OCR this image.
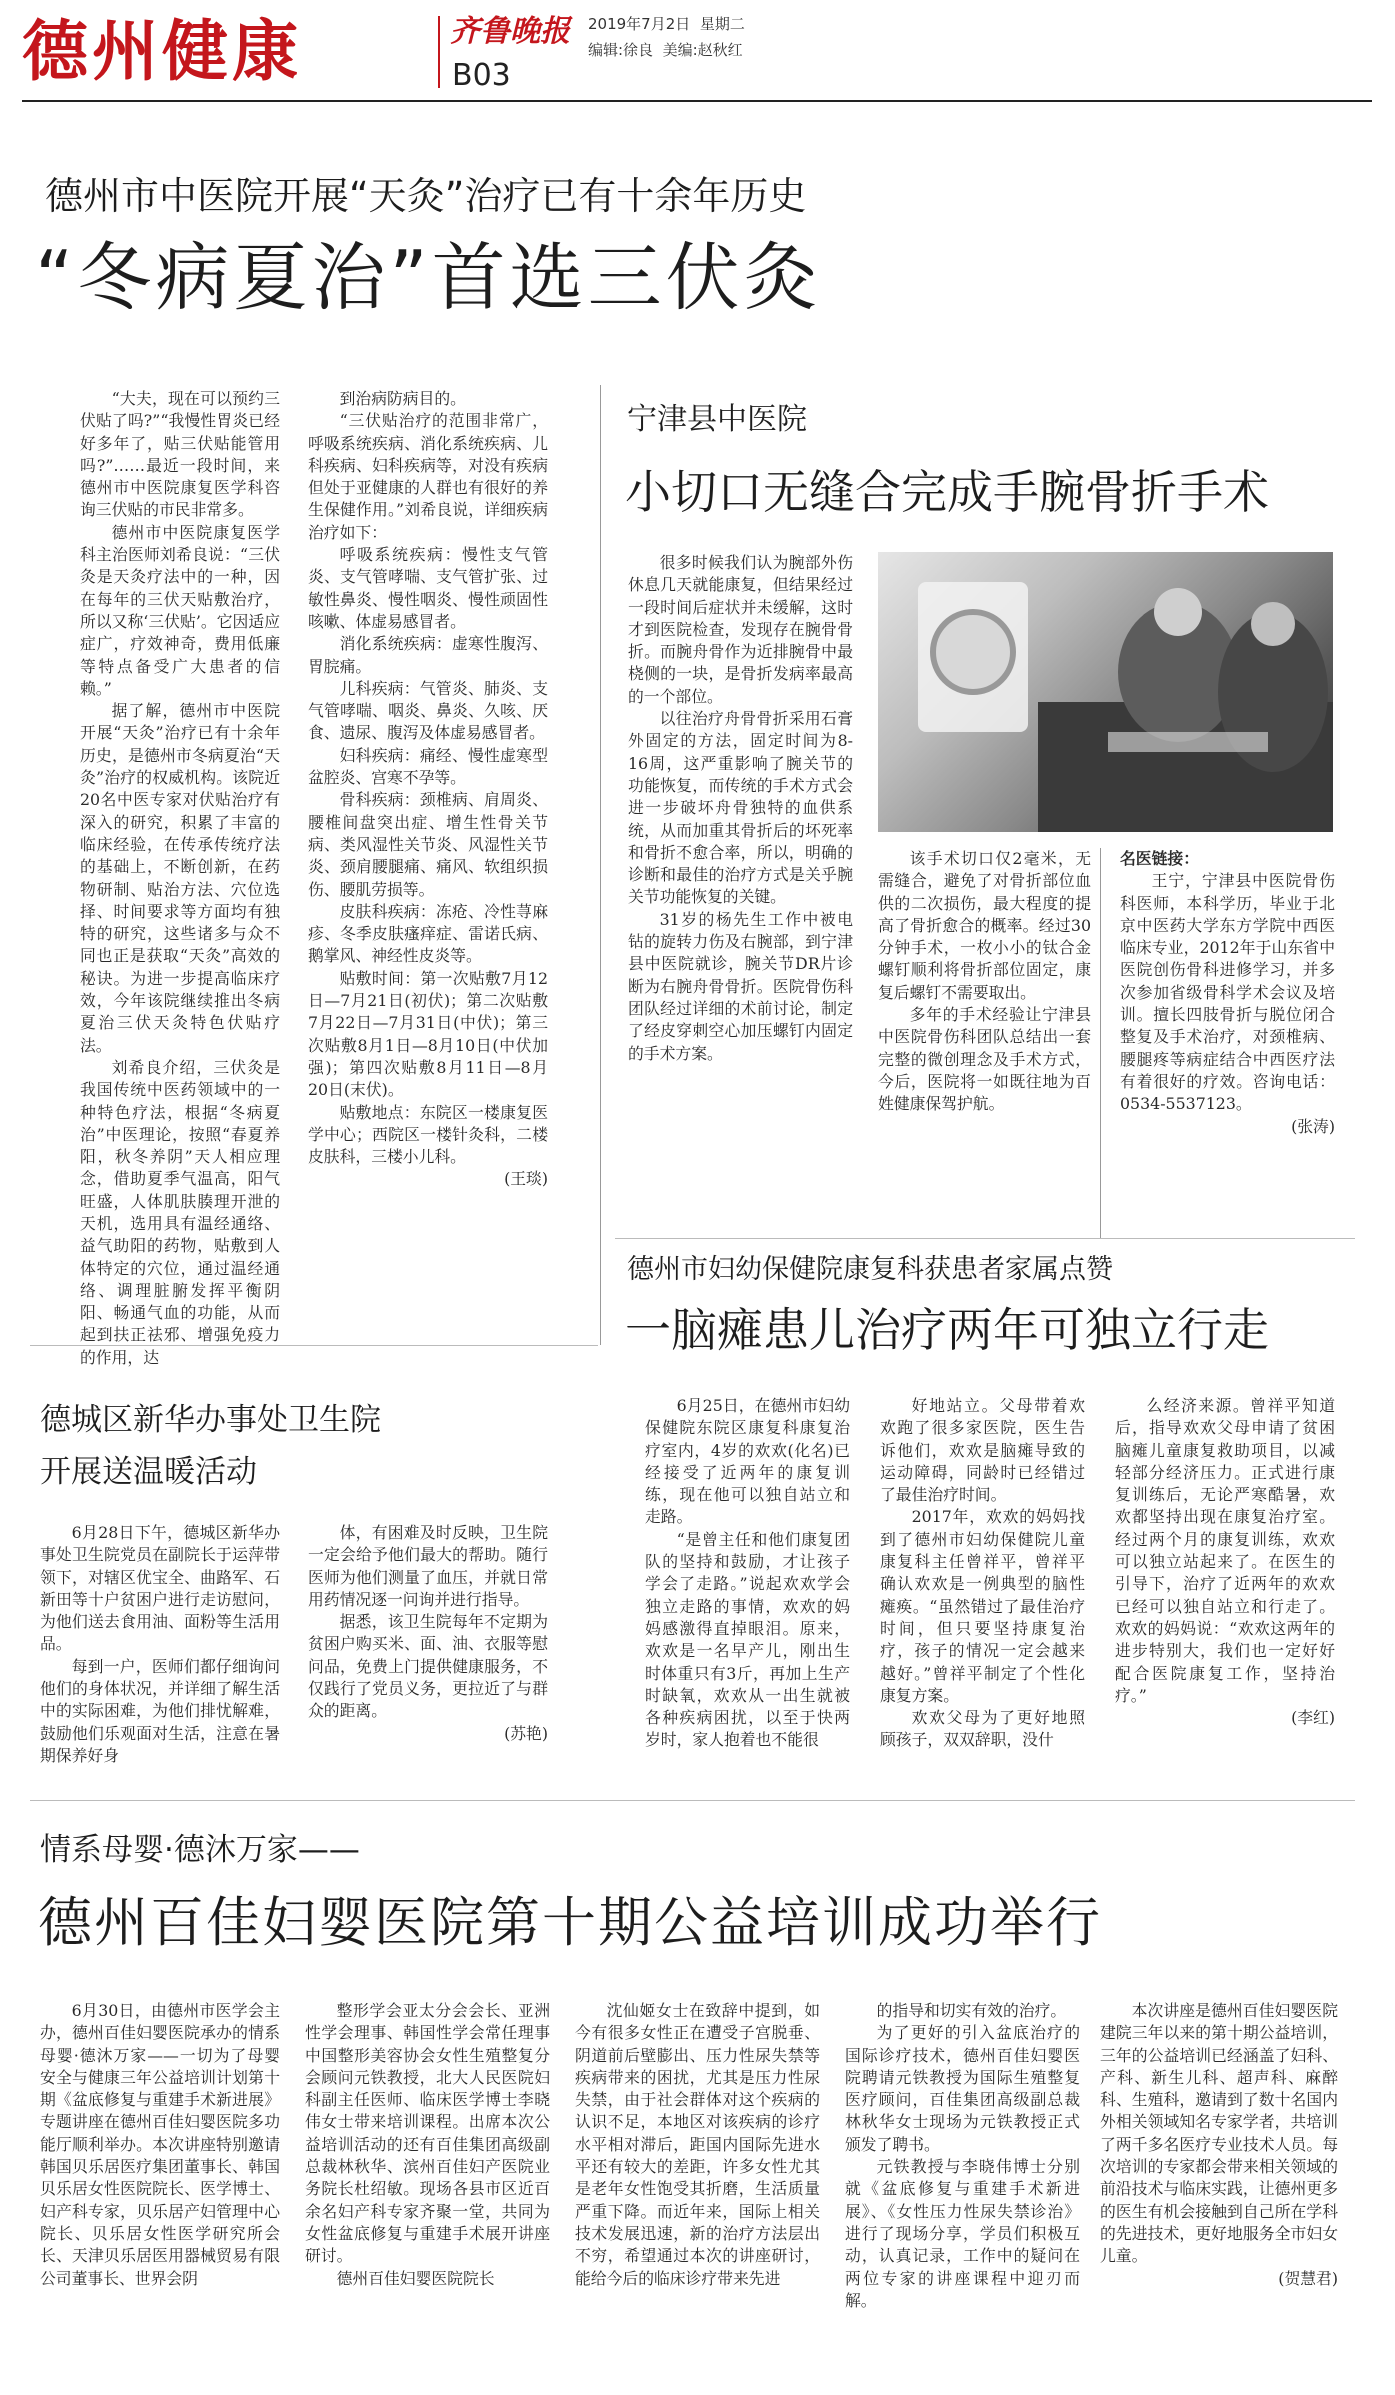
德州健康	齐鲁晚报
B03
2019年7月2日 星期二
编辑:徐良 美编:赵秋红
德州市中医院开展“天灸”治疗已有十余年历史
“冬病夏治”首选三伏灸

“大夫，现在可以预约三伏贴了吗?”“我慢性胃炎已经好多年了，贴三伏贴能管用吗?”……最近一段时间，来德州市中医院康复医学科咨询三伏贴的市民非常多。

德州市中医院康复医学科主治医师刘希良说：“三伏灸是天灸疗法中的一种，因在每年的三伏天贴敷治疗，所以又称‘三伏贴’。它因适应症广，疗效神奇，费用低廉等特点备受广大患者的信赖。”

据了解，德州市中医院开展“天灸”治疗已有十余年历史，是德州市冬病夏治“天灸”治疗的权威机构。该院近20名中医专家对伏贴治疗有深入的研究，积累了丰富的临床经验，在传承传统疗法的基础上，不断创新，在药物研制、贴治方法、穴位选择、时间要求等方面均有独特的研究，这些诸多与众不同也正是获取“天灸”高效的秘诀。为进一步提高临床疗效，今年该院继续推出冬病夏治三伏天灸特色伏贴疗法。

刘希良介绍，三伏灸是我国传统中医药领域中的一种特色疗法，根据“冬病夏治”中医理论，按照“春夏养阳，秋冬养阴”天人相应理念，借助夏季气温高，阳气旺盛，人体肌肤腠理开泄的天机，选用具有温经通络、益气助阳的药物，贴敷到人体特定的穴位，通过温经通络、调理脏腑发挥平衡阴阳、畅通气血的功能，从而起到扶正祛邪、增强免疫力的作用，达

到治病防病目的。

“三伏贴治疗的范围非常广，呼吸系统疾病、消化系统疾病、儿科疾病、妇科疾病等，对没有疾病但处于亚健康的人群也有很好的养生保健作用。”刘希良说，详细疾病治疗如下：

呼吸系统疾病：慢性支气管炎、支气管哮喘、支气管扩张、过敏性鼻炎、慢性咽炎、慢性顽固性咳嗽、体虚易感冒者。

消化系统疾病：虚寒性腹泻、胃脘痛。

儿科疾病：气管炎、肺炎、支气管哮喘、咽炎、鼻炎、久咳、厌食、遗尿、腹泻及体虚易感冒者。

妇科疾病：痛经、慢性虚寒型盆腔炎、宫寒不孕等。

骨科疾病：颈椎病、肩周炎、腰椎间盘突出症、增生性骨关节病、类风湿性关节炎、风湿性关节炎、颈肩腰腿痛、痛风、软组织损伤、腰肌劳损等。

皮肤科疾病：冻疮、冷性荨麻疹、冬季皮肤瘙痒症、雷诺氏病、鹅掌风、神经性皮炎等。

贴敷时间：第一次贴敷7月12日—7月21日(初伏)；第二次贴敷7月22日—7月31日(中伏)；第三次贴敷8月1日—8月10日(中伏加强)；第四次贴敷8月11日—8月20日(末伏)。

贴敷地点：东院区一楼康复医学中心；西院区一楼针灸科，二楼皮肤科，三楼小儿科。

(王琰)
宁津县中医院
小切口无缝合完成手腕骨折手术

很多时候我们认为腕部外伤休息几天就能康复，但结果经过一段时间后症状并未缓解，这时才到医院检查，发现存在腕骨骨折。而腕舟骨作为近排腕骨中最桡侧的一块，是骨折发病率最高的一个部位。

以往治疗舟骨骨折采用石膏外固定的方法，固定时间为8-16周，这严重影响了腕关节的功能恢复，而传统的手术方式会进一步破坏舟骨独特的血供系统，从而加重其骨折后的坏死率和骨折不愈合率，所以，明确的诊断和最佳的治疗方式是关乎腕关节功能恢复的关键。

31岁的杨先生工作中被电钻的旋转力伤及右腕部，到宁津县中医院就诊，腕关节DR片诊断为右腕舟骨骨折。医院骨伤科团队经过详细的术前讨论，制定了经皮穿刺空心加压螺钉内固定的手术方案。

该手术切口仅2毫米，无需缝合，避免了对骨折部位血供的二次损伤，最大程度的提高了骨折愈合的概率。经过30分钟手术，一枚小小的钛合金螺钉顺利将骨折部位固定，康复后螺钉不需要取出。

多年的手术经验让宁津县中医院骨伤科团队总结出一套完整的微创理念及手术方式，今后，医院将一如既往地为百姓健康保驾护航。

名医链接：

王宁，宁津县中医院骨伤科医师，本科学历，毕业于北京中医药大学东方学院中西医临床专业，2012年于山东省中医院创伤骨科进修学习，并多次参加省级骨科学术会议及培训。擅长四肢骨折与脱位闭合整复及手术治疗，对颈椎病、腰腿疼等病症结合中西医疗法有着很好的疗效。咨询电话：0534-5537123。

(张涛)
德州市妇幼保健院康复科获患者家属点赞
一脑瘫患儿治疗两年可独立行走

6月25日，在德州市妇幼保健院东院区康复科康复治疗室内，4岁的欢欢(化名)已经接受了近两年的康复训练，现在他可以独自站立和走路。

“是曾主任和他们康复团队的坚持和鼓励，才让孩子学会了走路。”说起欢欢学会独立走路的事情，欢欢的妈妈感激得直掉眼泪。原来，欢欢是一名早产儿，刚出生时体重只有3斤，再加上生产时缺氧，欢欢从一出生就被各种疾病困扰，以至于快两岁时，家人抱着也不能很

好地站立。父母带着欢欢跑了很多家医院，医生告诉他们，欢欢是脑瘫导致的运动障碍，同龄时已经错过了最佳治疗时间。

2017年，欢欢的妈妈找到了德州市妇幼保健院儿童康复科主任曾祥平，曾祥平确认欢欢是一例典型的脑性瘫痪。“虽然错过了最佳治疗时间，但只要坚持康复治疗，孩子的情况一定会越来越好。”曾祥平制定了个性化康复方案。

欢欢父母为了更好地照顾孩子，双双辞职，没什

么经济来源。曾祥平知道后，指导欢欢父母申请了贫困脑瘫儿童康复救助项目，以减轻部分经济压力。正式进行康复训练后，无论严寒酷暑，欢欢都坚持出现在康复治疗室。经过两个月的康复训练，欢欢可以独立站起来了。在医生的引导下，治疗了近两年的欢欢已经可以独自站立和行走了。欢欢的妈妈说：“欢欢这两年的进步特别大，我们也一定好好配合医院康复工作，坚持治疗。”

(李红)
德城区新华办事处卫生院
开展送温暖活动

6月28日下午，德城区新华办事处卫生院党员在副院长于运萍带领下，对辖区优宝全、曲路军、石新田等十户贫困户进行走访慰问，为他们送去食用油、面粉等生活用品。

每到一户，医师们都仔细询问他们的身体状况，并详细了解生活中的实际困难，为他们排忧解难，鼓励他们乐观面对生活，注意在暑期保养好身

体，有困难及时反映，卫生院一定会给予他们最大的帮助。随行医师为他们测量了血压，并就日常用药情况逐一问询并进行指导。

据悉，该卫生院每年不定期为贫困户购买米、面、油、衣服等慰问品，免费上门提供健康服务，不仅践行了党员义务，更拉近了与群众的距离。

(苏艳)
情系母婴·德沐万家——
德州百佳妇婴医院第十期公益培训成功举行

6月30日，由德州市医学会主办，德州百佳妇婴医院承办的情系母婴·德沐万家——一切为了母婴安全与健康三年公益培训计划第十期《盆底修复与重建手术新进展》专题讲座在德州百佳妇婴医院多功能厅顺利举办。本次讲座特别邀请韩国贝乐居医疗集团董事长、韩国贝乐居女性医院院长、医学博士、妇产科专家，贝乐居产妇管理中心院长、贝乐居女性医学研究所会长、天津贝乐居医用器械贸易有限公司董事长、世界会阴

整形学会亚太分会会长、亚洲性学会理事、韩国性学会常任理事中国整形美容协会女性生殖整复分会顾问元铁教授，北大人民医院妇科副主任医师、临床医学博士李晓伟女士带来培训课程。出席本次公益培训活动的还有百佳集团高级副总裁林秋华、滨州百佳妇产医院业务院长杜绍敏。现场各县市区近百余名妇产科专家齐聚一堂，共同为女性盆底修复与重建手术展开讲座研讨。

德州百佳妇婴医院院长

沈仙姬女士在致辞中提到，如今有很多女性正在遭受子宫脱垂、阴道前后壁膨出、压力性尿失禁等疾病带来的困扰，尤其是压力性尿失禁，由于社会群体对这个疾病的认识不足，本地区对该疾病的诊疗水平相对滞后，距国内国际先进水平还有较大的差距，许多女性尤其是老年女性饱受其折磨，生活质量严重下降。而近年来，国际上相关技术发展迅速，新的治疗方法层出不穷，希望通过本次的讲座研讨，能给今后的临床诊疗带来先进

的指导和切实有效的治疗。

为了更好的引入盆底治疗的国际诊疗技术，德州百佳妇婴医院聘请元铁教授为国际生殖整复医疗顾问，百佳集团高级副总裁林秋华女士现场为元铁教授正式颁发了聘书。

元铁教授与李晓伟博士分别就《盆底修复与重建手术新进展》、《女性压力性尿失禁诊治》进行了现场分享，学员们积极互动，认真记录，工作中的疑问在两位专家的讲座课程中迎刃而解。

本次讲座是德州百佳妇婴医院建院三年以来的第十期公益培训，三年的公益培训已经涵盖了妇科、产科、新生儿科、超声科、麻醉科、生殖科，邀请到了数十名国内外相关领域知名专家学者，共培训了两千多名医疗专业技术人员。每次培训的专家都会带来相关领域的前沿技术与临床实践，让德州更多的医生有机会接触到自己所在学科的先进技术，更好地服务全市妇女儿童。

(贺慧君)
